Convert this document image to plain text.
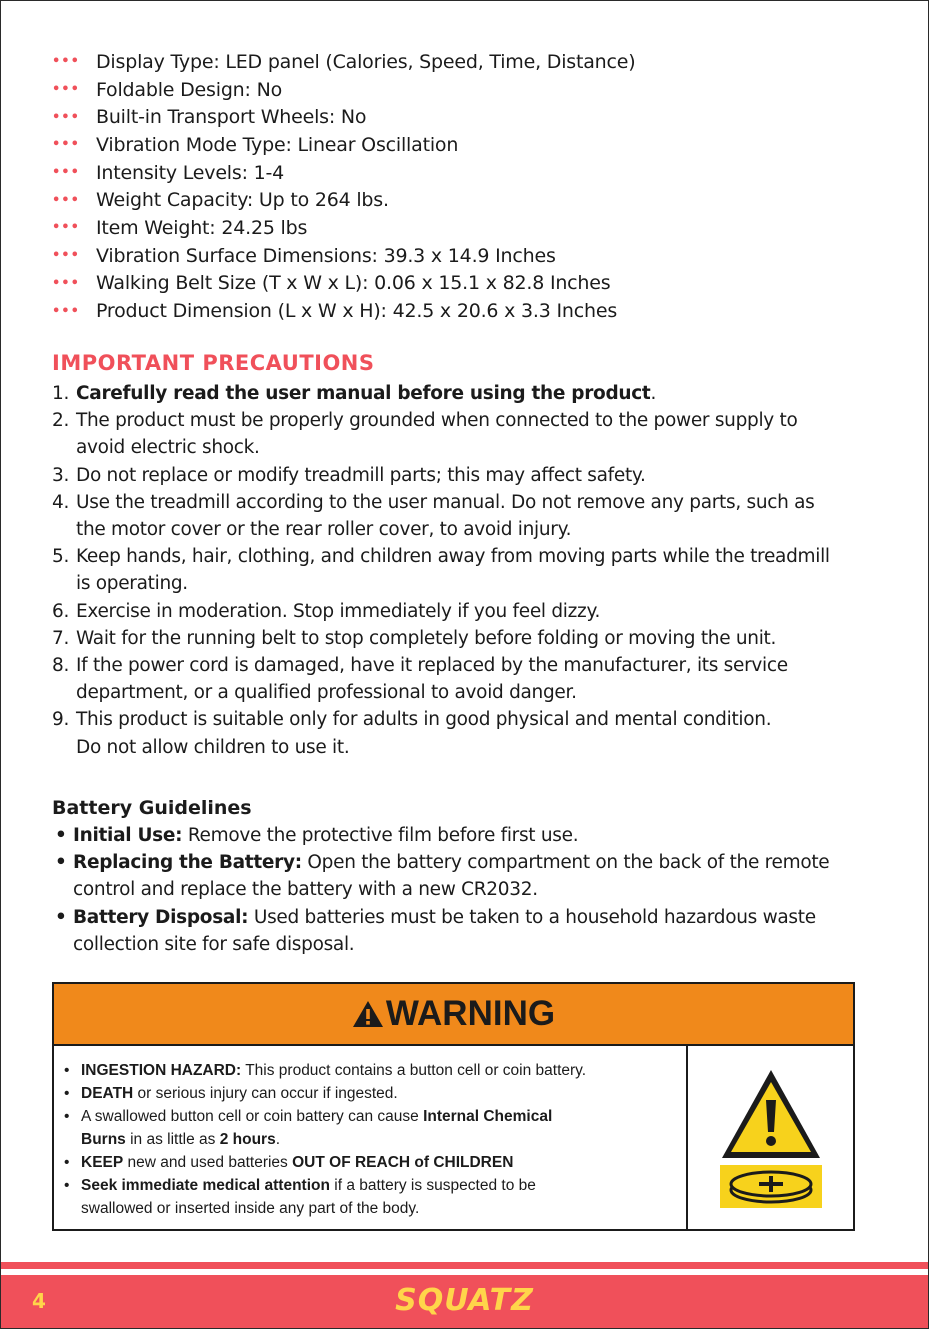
••• Display Type: LED panel (Calories, Speed, Time, Distance)
••• Foldable Design: No
••• Built-in Transport Wheels: No
••• Vibration Mode Type: Linear Oscillation
••• Intensity Levels: 1-4
••• Weight Capacity: Up to 264 lbs.
••• Item Weight: 24.25 lbs
••• Vibration Surface Dimensions: 39.3 x 14.9 Inches
••• Walking Belt Size (T x W x L): 0.06 x 15.1 x 82.8 Inches
••• Product Dimension (L x W x H): 42.5 x 20.6 x 3.3 Inches
IMPORTANT PRECAUTIONS
1. Carefully read the user manual before using the product.
2. The product must be properly grounded when connected to the power supply to
avoid electric shock.
3. Do not replace or modify treadmill parts; this may affect safety.
4. Use the treadmill according to the user manual. Do not remove any parts, such as
the motor cover or the rear roller cover, to avoid injury.
5. Keep hands, hair, clothing, and children away from moving parts while the treadmill
is operating.
6. Exercise in moderation. Stop immediately if you feel dizzy.
7. Wait for the running belt to stop completely before folding or moving the unit.
8. If the power cord is damaged, have it replaced by the manufacturer, its service
department, or a qualified professional to avoid danger.
9. This product is suitable only for adults in good physical and mental condition.
Do not allow children to use it.
Battery Guidelines
• Initial Use: Remove the protective film before first use.
• Replacing the Battery: Open the battery compartment on the back of the remote
control and replace the battery with a new CR2032.
• Battery Disposal: Used batteries must be taken to a household hazardous waste
collection site for safe disposal.
WARNING
• INGESTION HAZARD: This product contains a button cell or coin battery.
• DEATH or serious injury can occur if ingested.
• A swallowed button cell or coin battery can cause Internal Chemical
Burns in as little as 2 hours.
• KEEP new and used batteries OUT OF REACH of CHILDREN
• Seek immediate medical attention if a battery is suspected to be
swallowed or inserted inside any part of the body.
4	SQUATZ
